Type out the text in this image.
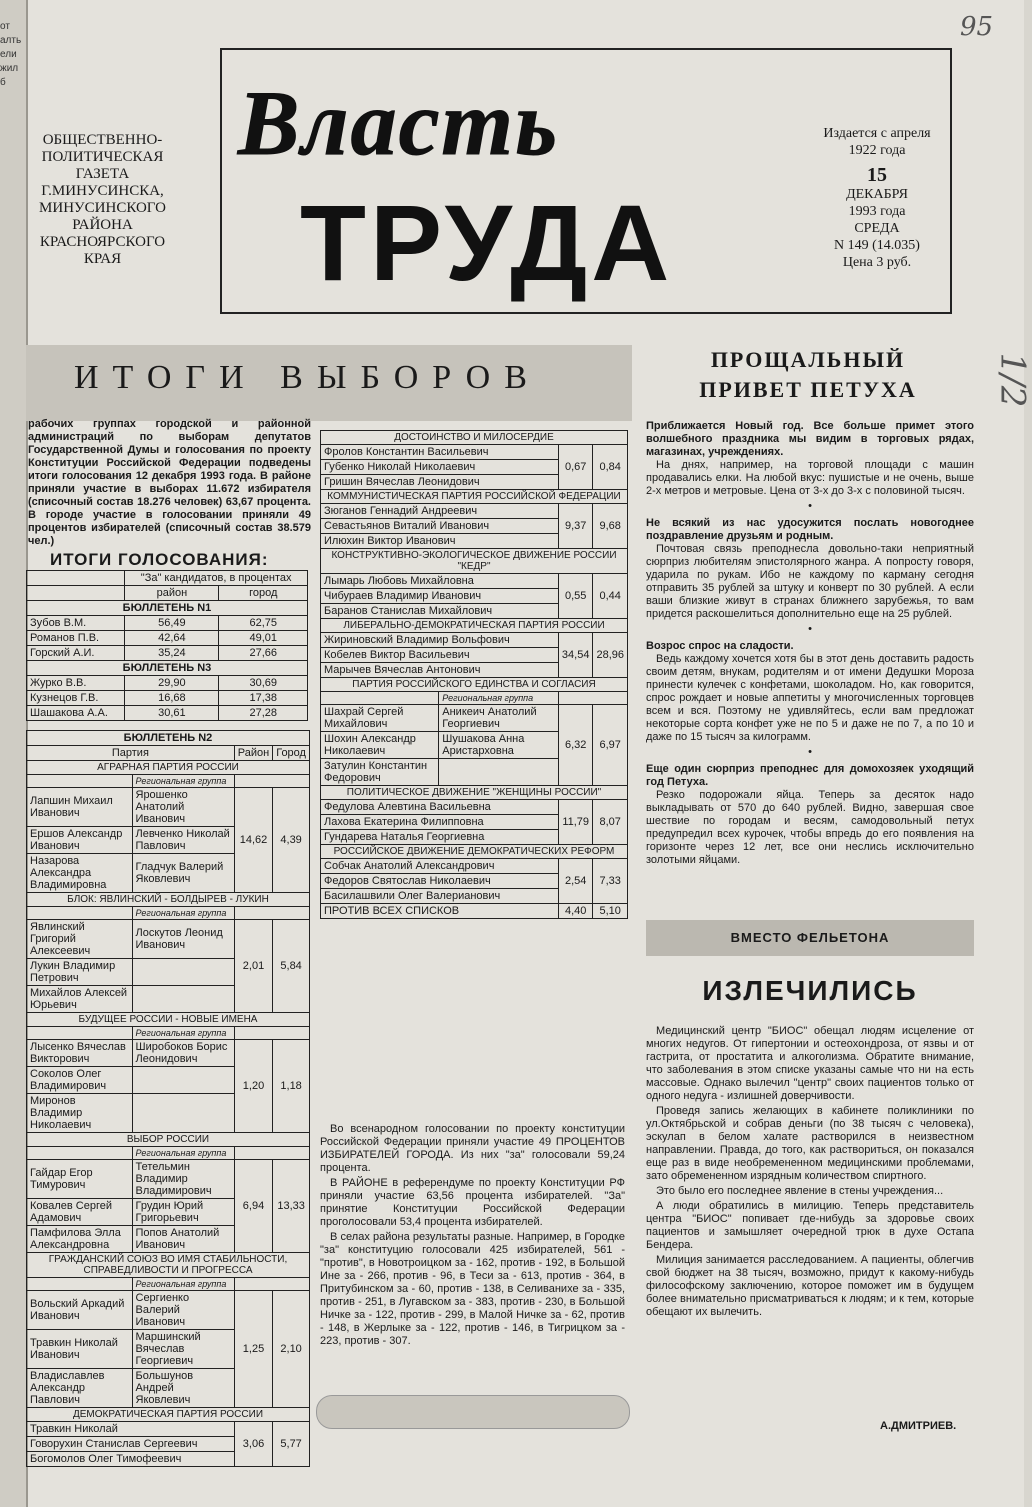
от
алть
ели
жил
б
95
1/2
ОБЩЕСТВЕННО-ПОЛИТИЧЕСКАЯ ГАЗЕТА Г.МИНУСИНСКА, МИНУСИНСКОГО РАЙОНА КРАСНОЯРСКОГО КРАЯ
Власть
ТРУДА
Издается с апреля 1922 года
15
ДЕКАБРЯ
1993 года
СРЕДА
N 149 (14.035)
Цена 3 руб.
ИТОГИ ВЫБОРОВ
рабочих группах городской и районной администраций по выборам депутатов Государственной Думы и голосования по проекту Конституции Российской Федерации подведены итоги голосования 12 декабря 1993 года. В районе приняли участие в выборах 11.672 избирателя (списочный состав 18.276 человек) 63,67 процента. В городе участие в голосовании приняли 49 процентов избирателей (списочный состав 38.579 чел.)
ИТОГИ ГОЛОСОВАНИЯ:
	"За" кандидатов, в процентах	
	район	город
БЮЛЛЕТЕНЬ N1		
Зубов В.М.	56,49	62,75
Романов П.В.	42,64	49,01
Горский А.И.	35,24	27,66
БЮЛЛЕТЕНЬ N3		
Журко В.В.	29,90	30,69
Кузнецов Г.В.	16,68	17,38
Шашакова А.А.	30,61	27,28
БЮЛЛЕТЕНЬ N2			
Партия		Район	Город
АГРАРНАЯ ПАРТИЯ РОССИИ			
	Региональная группа		
Лапшин Михаил Иванович	Ярошенко Анатолий Иванович	14,62	4,39
Ершов Александр Иванович	Левченко Николай Павлович		
Назарова Александра Владимировна	Гладчук Валерий Яковлевич		
БЛОК: ЯВЛИНСКИЙ - БОЛДЫРЕВ - ЛУКИН			
	Региональная группа		
Явлинский Григорий Алексеевич	Лоскутов Леонид Иванович	2,01	5,84
Лукин Владимир Петрович			
Михайлов Алексей Юрьевич			
БУДУЩЕЕ РОССИИ - НОВЫЕ ИМЕНА			
	Региональная группа		
Лысенко Вячеслав Викторович	Широбоков Борис Леонидович	1,20	1,18
Соколов Олег Владимирович			
Миронов Владимир Николаевич			
ВЫБОР РОССИИ			
	Региональная группа		
Гайдар Егор Тимурович	Тетельмин Владимир Владимирович	6,94	13,33
Ковалев Сергей Адамович	Грудин Юрий Григорьевич		
Памфилова Элла Александровна	Попов Анатолий Иванович		
ГРАЖДАНСКИЙ СОЮЗ ВО ИМЯ СТАБИЛЬНОСТИ, СПРАВЕДЛИВОСТИ И ПРОГРЕССА			
	Региональная группа		
Вольский Аркадий Иванович	Сергиенко Валерий Иванович	1,25	2,10
Травкин Николай Иванович	Маршинский Вячеслав Георгиевич		
Владиславлев Александр Павлович	Большунов Андрей Яковлевич		
ДЕМОКРАТИЧЕСКАЯ ПАРТИЯ РОССИИ			
Травкин Николай		3,06	5,77
Говорухин Станислав Сергеевич			
Богомолов Олег Тимофеевич			
ДОСТОИНСТВО И МИЛОСЕРДИЕ			
Фролов Константин Васильевич		0,67	0,84
Губенко Николай Николаевич			
Гришин Вячеслав Леонидович			
КОММУНИСТИЧЕСКАЯ ПАРТИЯ РОССИЙСКОЙ ФЕДЕРАЦИИ			
Зюганов Геннадий Андреевич		9,37	9,68
Севастьянов Виталий Иванович			
Илюхин Виктор Иванович			
КОНСТРУКТИВНО-ЭКОЛОГИЧЕСКОЕ ДВИЖЕНИЕ РОССИИ "КЕДР"			
Лымарь Любовь Михайловна		0,55	0,44
Чибураев Владимир Иванович			
Баранов Станислав Михайлович			
ЛИБЕРАЛЬНО-ДЕМОКРАТИЧЕСКАЯ ПАРТИЯ РОССИИ			
Жириновский Владимир Вольфович		34,54	28,96
Кобелев Виктор Васильевич			
Марычев Вячеслав Антонович			
ПАРТИЯ РОССИЙСКОГО ЕДИНСТВА И СОГЛАСИЯ			
	Региональная группа		
Шахрай Сергей Михайлович	Аникеич Анатолий Георгиевич	6,32	6,97
Шохин Александр Николаевич	Шушакова Анна Аристарховна		
Затулин Константин Федорович			
ПОЛИТИЧЕСКОЕ ДВИЖЕНИЕ "ЖЕНЩИНЫ РОССИИ"			
Федулова Алевтина Васильевна		11,79	8,07
Лахова Екатерина Филипповна			
Гундарева Наталья Георгиевна			
РОССИЙСКОЕ ДВИЖЕНИЕ ДЕМОКРАТИЧЕСКИХ РЕФОРМ			
Собчак Анатолий Александрович		2,54	7,33
Федоров Святослав Николаевич			
Басилашвили Олег Валерианович			
ПРОТИВ ВСЕХ СПИСКОВ		4,40	5,10

Во всенародном голосовании по проекту конституции Российской Федерации приняли участие 49 ПРОЦЕНТОВ ИЗБИРАТЕЛЕЙ ГОРОДА. Из них "за" голосовали 59,24 процента.

В РАЙОНЕ в референдуме по проекту Конституции РФ приняли участие 63,56 процента избирателей. "За" принятие Конституции Российской Федерации проголосовали 53,4 процента избирателей.

В селах района результаты разные. Например, в Городке "за" конституцию голосовали 425 избирателей, 561 - "против", в Новотроицком за - 162, против - 192, в Большой Ине за - 266, против - 96, в Теси за - 613, против - 364, в Притубинском за - 60, против - 138, в Селиванихе за - 335, против - 251, в Лугавском за - 383, против - 230, в Большой Ничке за - 122, против - 299, в Малой Ничке за - 62, против - 148, в Жерлыке за - 122, против - 146, в Тигрицком за - 223, против - 307.

ПРОЩАЛЬНЫЙ
ПРИВЕТ ПЕТУХА

Приближается Новый год. Все больше примет этого волшебного праздника мы видим в торговых рядах, магазинах, учреждениях.

На днях, например, на торговой площади с машин продавались елки. На любой вкус: пушистые и не очень, выше 2-х метров и метровые. Цена от 3-х до 3-х с половиной тысяч.

•

Не всякий из нас удосужится послать новогоднее поздравление друзьям и родным.

Почтовая связь преподнесла довольно-таки неприятный сюрприз любителям эпистолярного жанра. А попросту говоря, ударила по рукам. Ибо не каждому по карману сегодня отправить 35 рублей за штуку и конверт по 30 рублей. А если ваши близкие живут в странах ближнего зарубежья, то вам придется раскошелиться дополнительно еще на 25 рублей.

•

Возрос спрос на сладости.

Ведь каждому хочется хотя бы в этот день доставить радость своим детям, внукам, родителям и от имени Дедушки Мороза принести кулечек с конфетами, шоколадом. Но, как говорится, спрос рождает и новые аппетиты у многочисленных торговцев всем и вся. Поэтому не удивляйтесь, если вам предложат некоторые сорта конфет уже не по 5 и даже не по 7, а по 10 и даже по 15 тысяч за килограмм.

•

Еще один сюрприз преподнес для домохозяек уходящий год Петуха.

Резко подорожали яйца. Теперь за десяток надо выкладывать от 570 до 640 рублей. Видно, завершая свое шествие по городам и весям, самодовольный петух предупредил всех курочек, чтобы впредь до его появления на горизонте через 12 лет, все они неслись исключительно золотыми яйцами.

ВМЕСТО ФЕЛЬЕТОНА
ИЗЛЕЧИЛИСЬ

Медицинский центр "БИОС" обещал людям исцеление от многих недугов. От гипертонии и остеохондроза, от язвы и от гастрита, от простатита и алкоголизма. Обратите внимание, что заболевания в этом списке указаны самые что ни на есть массовые. Однако вылечил "центр" своих пациентов только от одного недуга - излишней доверчивости.

Проведя запись желающих в кабинете поликлиники по ул.Октябрьской и собрав деньги (по 38 тысяч с человека), эскулап в белом халате растворился в неизвестном направлении. Правда, до того, как раствориться, он показался еще раз в виде необремененном медицинскими проблемами, зато обремененном изрядным количеством спиртного.

Это было его последнее явление в стены учреждения...

А люди обратились в милицию. Теперь представитель центра "БИОС" попивает где-нибудь за здоровье своих пациентов и замышляет очередной трюк в духе Остапа Бендера.

Милиция занимается расследованием. А пациенты, облегчив свой бюджет на 38 тысяч, возможно, придут к какому-нибудь философскому заключению, которое поможет им в будущем более внимательно присматриваться к людям; и к тем, которые обещают их вылечить.

А.ДМИТРИЕВ.
